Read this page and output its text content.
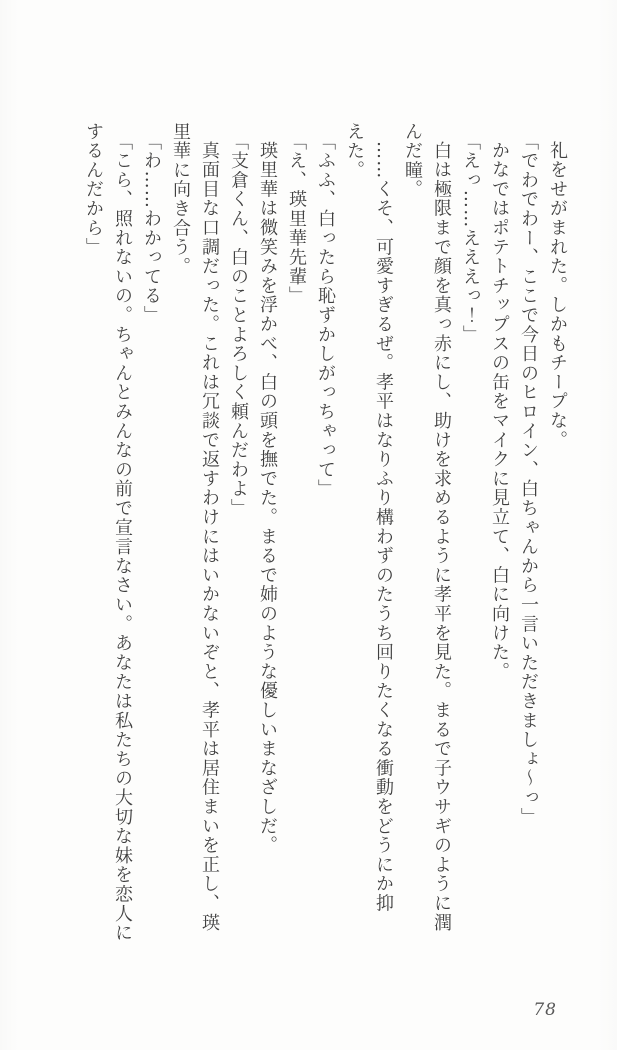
礼をせがまれた。しかもチープな。

「でわでわー、ここで今日のヒロイン、白ちゃんから一言いただきましょ～っ」

かなではポテトチップスの缶をマイクに見立て、白に向けた。

「えっ……えええっ！」

白は極限まで顔を真っ赤にし、助けを求めるように孝平を見た。まるで子ウサギのように潤

んだ瞳。

……くそ、可愛すぎるぜ。孝平はなりふり構わずのたうち回りたくなる衝動をどうにか抑

えた。

「ふふ、白ったら恥ずかしがっちゃって」

「え、瑛里華先輩」

瑛里華は微笑みを浮かべ、白の頭を撫でた。まるで姉のような優しいまなざしだ。

「支倉くん、白のことよろしく頼んだわよ」

真面目な口調だった。これは冗談で返すわけにはいかないぞと、孝平は居住まいを正し、瑛

里華に向き合う。

「わ……わかってる」

「こら、照れないの。ちゃんとみんなの前で宣言なさい。あなたは私たちの大切な妹を恋人に

するんだから」

78
